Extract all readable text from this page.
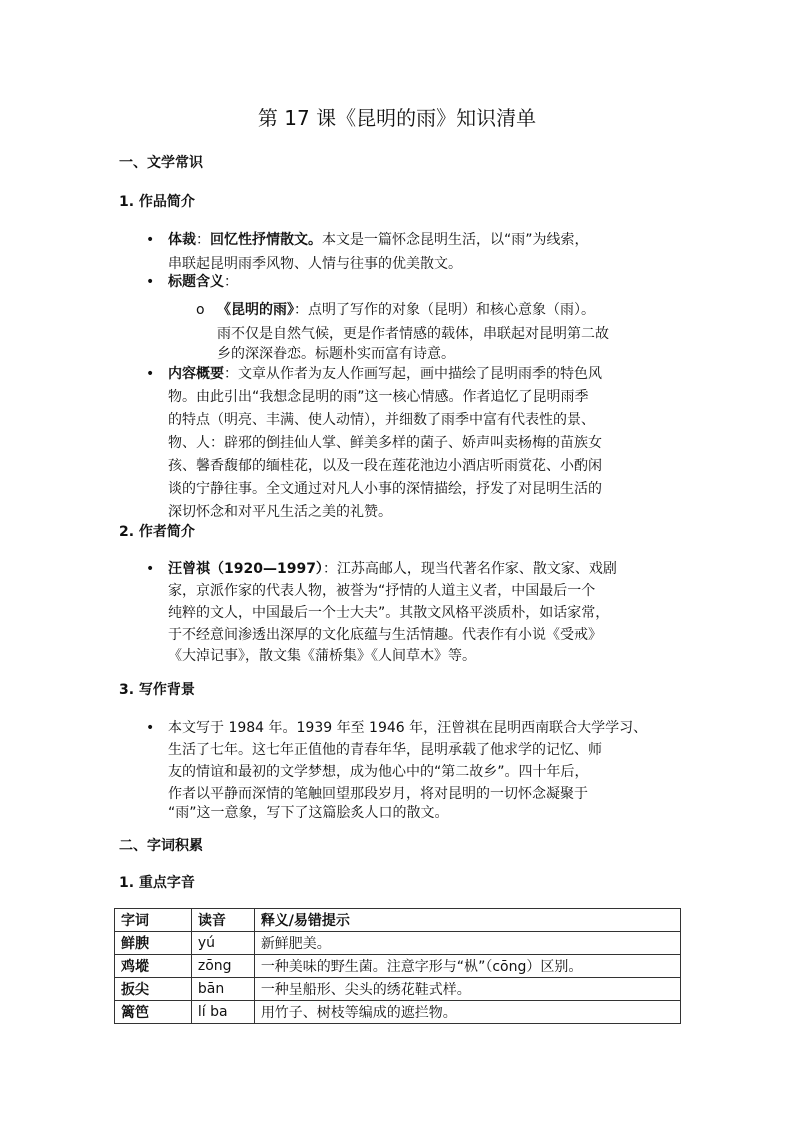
第 17 课《昆明的雨》知识清单
一、文学常识
1. 作品简介
• 体裁：回忆性抒情散文。本文是一篇怀念昆明生活，以“雨”为线索，
串联起昆明雨季风物、人情与往事的优美散文。
• 标题含义：
o 《昆明的雨》：点明了写作的对象（昆明）和核心意象（雨）。
雨不仅是自然气候，更是作者情感的载体，串联起对昆明第二故
乡的深深眷恋。标题朴实而富有诗意。
• 内容概要：文章从作者为友人作画写起，画中描绘了昆明雨季的特色风
物。由此引出“我想念昆明的雨”这一核心情感。作者追忆了昆明雨季
的特点（明亮、丰满、使人动情），并细数了雨季中富有代表性的景、
物、人：辟邪的倒挂仙人掌、鲜美多样的菌子、娇声叫卖杨梅的苗族女
孩、馨香馥郁的缅桂花，以及一段在莲花池边小酒店听雨赏花、小酌闲
谈的宁静往事。全文通过对凡人小事的深情描绘，抒发了对昆明生活的
深切怀念和对平凡生活之美的礼赞。
2. 作者简介
• 汪曾祺（1920—1997）：江苏高邮人，现当代著名作家、散文家、戏剧
家，京派作家的代表人物，被誉为“抒情的人道主义者，中国最后一个
纯粹的文人，中国最后一个士大夫”。其散文风格平淡质朴，如话家常，
于不经意间渗透出深厚的文化底蕴与生活情趣。代表作有小说《受戒》
《大淖记事》，散文集《蒲桥集》《人间草木》等。
3. 写作背景
• 本文写于 1984 年。1939 年至 1946 年，汪曾祺在昆明西南联合大学学习、
生活了七年。这七年正值他的青春年华，昆明承载了他求学的记忆、师
友的情谊和最初的文学梦想，成为他心中的“第二故乡”。四十年后，
作者以平静而深情的笔触回望那段岁月，将对昆明的一切怀念凝聚于
“雨”这一意象，写下了这篇脍炙人口的散文。
二、字词积累
1. 重点字音
字词	读音	释义/易错提示
鲜腴	yú	新鲜肥美。
鸡㙡	zōng	一种美味的野生菌。注意字形与“枞”（cōng）区别。
扳尖	bān	一种呈船形、尖头的绣花鞋式样。
篱笆	lí ba	用竹子、树枝等编成的遮拦物。
